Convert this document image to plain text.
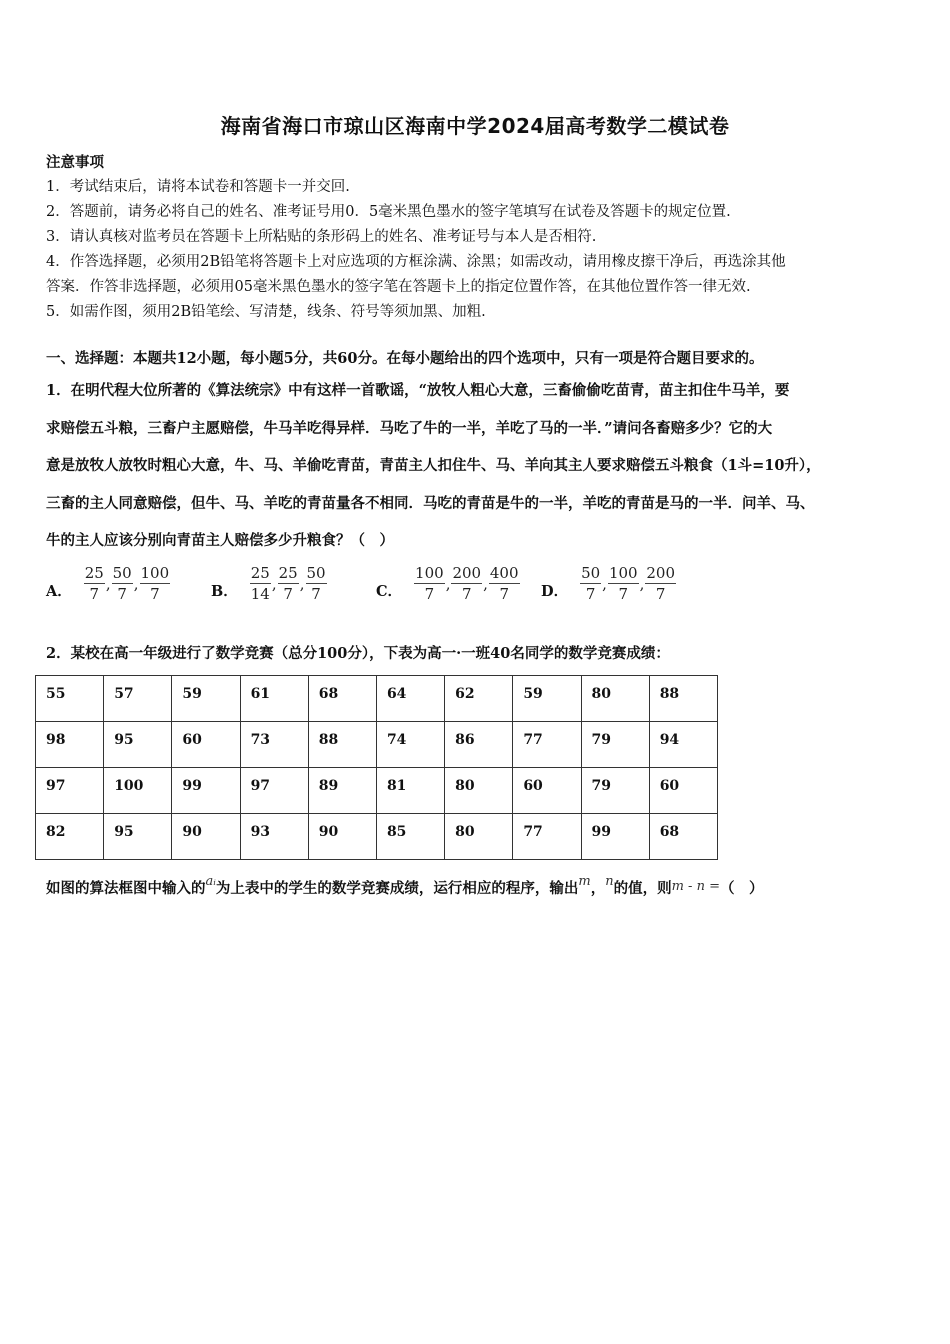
海南省海口市琼山区海南中学2024届高考数学二模试卷
注意事项
1．考试结束后，请将本试卷和答题卡一并交回.
2．答题前，请务必将自己的姓名、准考证号用0．5毫米黑色墨水的签字笔填写在试卷及答题卡的规定位置.
3．请认真核对监考员在答题卡上所粘贴的条形码上的姓名、准考证号与本人是否相符.
4．作答选择题，必须用2B铅笔将答题卡上对应选项的方框涂满、涂黑；如需改动，请用橡皮擦干净后，再选涂其他
答案．作答非选择题，必须用05毫米黑色墨水的签字笔在答题卡上的指定位置作答，在其他位置作答一律无效.
5．如需作图，须用2B铅笔绘、写清楚，线条、符号等须加黑、加粗.
一、选择题：本题共12小题，每小题5分，共60分。在每小题给出的四个选项中，只有一项是符合题目要求的。
1．在明代程大位所著的《算法统宗》中有这样一首歌谣，“放牧人粗心大意，三畜偷偷吃苗青，苗主扣住牛马羊，要
求赔偿五斗粮，三畜户主愿赔偿，牛马羊吃得异样．马吃了牛的一半，羊吃了马的一半．”请问各畜赔多少？它的大
意是放牧人放牧时粗心大意，牛、马、羊偷吃青苗，青苗主人扣住牛、马、羊向其主人要求赔偿五斗粮食（1斗=10升），
三畜的主人同意赔偿，但牛、马、羊吃的青苗量各不相同．马吃的青苗是牛的一半，羊吃的青苗是马的一半．问羊、马、
牛的主人应该分别向青苗主人赔偿多少升粮食？（　）
A． $\frac{25}{7}$ , $\frac{50}{7}$ , $\frac{100}{7}$	B． $\frac{25}{14}$ , $\frac{25}{7}$ , $\frac{50}{7}$	C． $\frac{100}{7}$ , $\frac{200}{7}$ , $\frac{400}{7}$ D． $\frac{50}{7}$ , $\frac{100}{7}$ , $\frac{200}{7}$
2．某校在高一年级进行了数学竞赛（总分100分），下表为高一·一班40名同学的数学竞赛成绩：
55	57	59	61	68	64	62	59	80	88
98	95	60	73	88	74	86	77	79	94
97	100	99	97	89	81	80	60	79	60
82	95	90	93	90	85	80	77	99	68
如图的算法框图中输入的aᵢ为上表中的学生的数学竞赛成绩，运行相应的程序，输出m，n的值，则m - n =（　）
